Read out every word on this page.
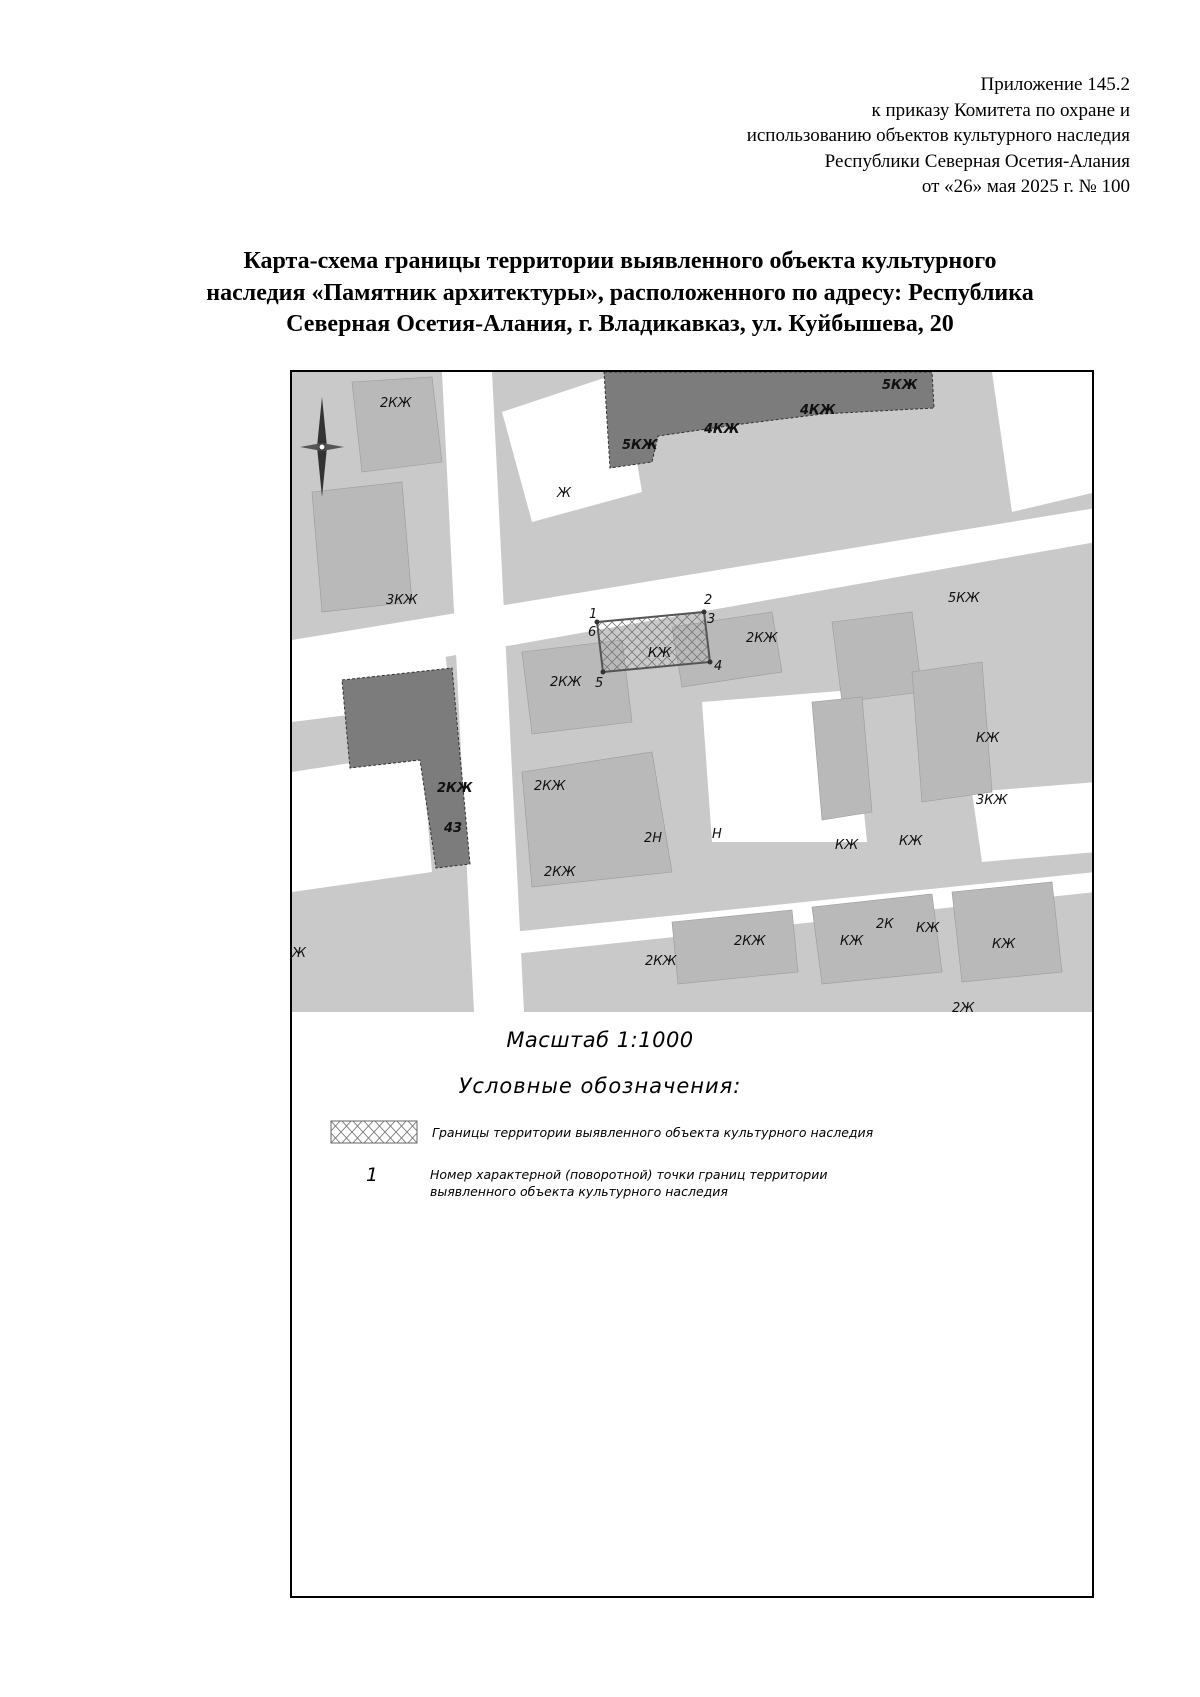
Приложение 145.2
к приказу Комитета по охране и
использованию объектов культурного наследия
Республики Северная Осетия-Алания
от «26» мая 2025 г. № 100
Карта-схема границы территории выявленного объекта культурного
наследия «Памятник архитектуры», расположенного по адресу: Республика
Северная Осетия-Алания, г. Владикавказ, ул. Куйбышева, 20
1
2
3
4
5
6
2КЖ
5КЖ
4КЖ
4КЖ
5КЖ
Ж
3КЖ	5КЖ
КЖ
2КЖ
2КЖ
2КЖ
43
2КЖ
2Н	Н
2КЖ
КЖ
3КЖ
КЖ	КЖ
Ж
2КЖ
2КЖ	КЖ
2К КЖ
КЖ
2Ж
Масштаб 1:1000
Условные обозначения:
Границы территории выявленного объекта культурного наследия
1	Номер характерной (поворотной) точки границ территории
выявленного объекта культурного наследия
